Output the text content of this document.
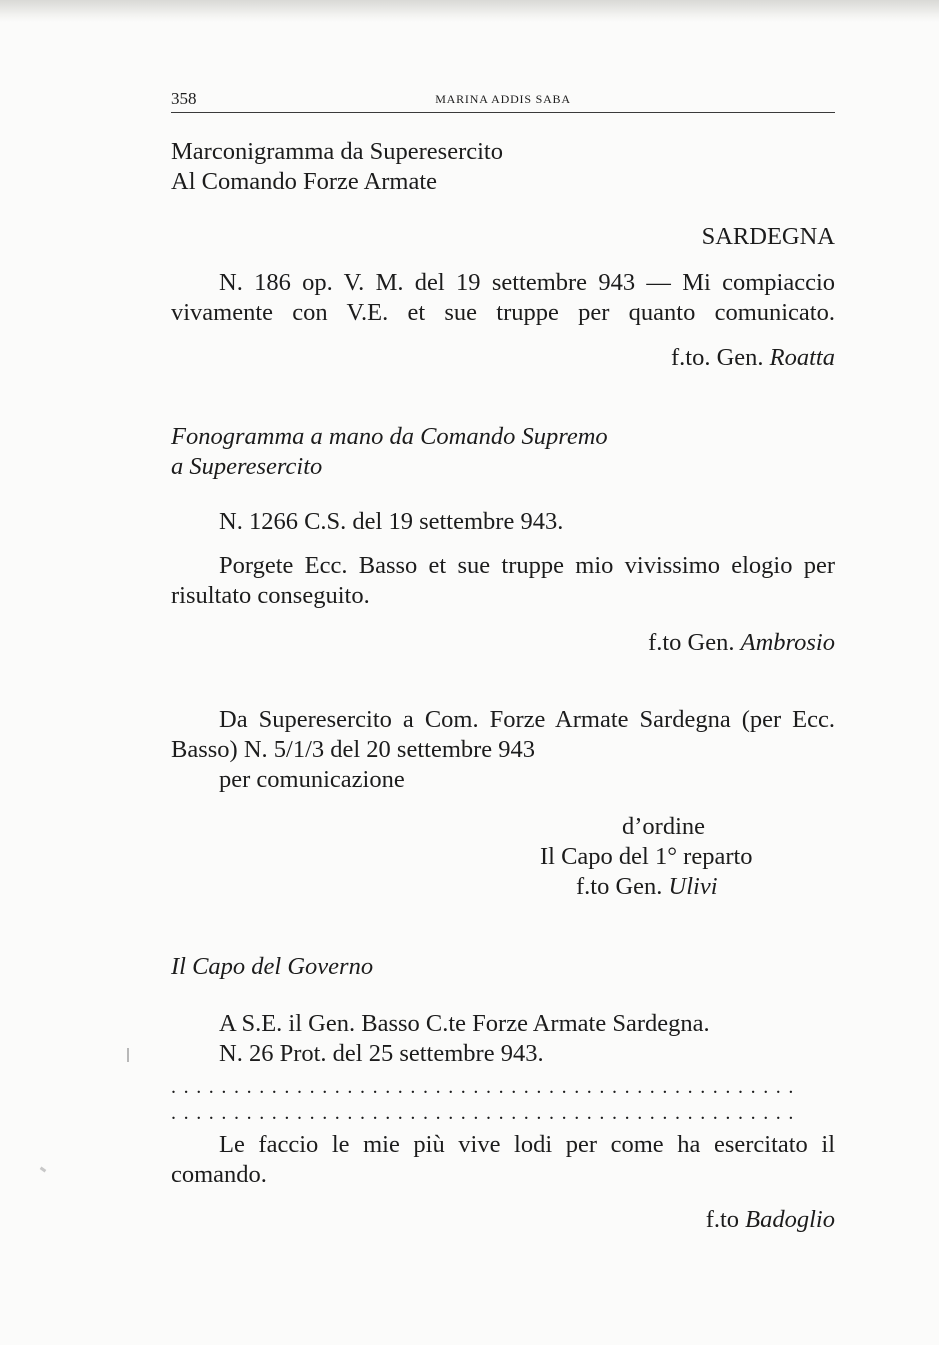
358	MARINA ADDIS SABA
Marconigramma da Superesercito
Al Comando Forze Armate
SARDEGNA
N. 186 op. V. M. del 19 settembre 943 — Mi compiaccio
vivamente con V.E. et sue truppe per quanto comunicato.
f.to. Gen. Roatta
Fonogramma a mano da Comando Supremo
a Superesercito
N. 1266 C.S. del 19 settembre 943.
Porgete Ecc. Basso et sue truppe mio vivissimo elogio per
risultato conseguito.
f.to Gen. Ambrosio
Da Superesercito a Com. Forze Armate Sardegna (per Ecc.
Basso) N. 5/1/3 del 20 settembre 943
per comunicazione
d’ordine
Il Capo del 1° reparto
f.to Gen. Ulivi
Il Capo del Governo
A S.E. il Gen. Basso C.te Forze Armate Sardegna.
N. 26 Prot. del 25 settembre 943.
..................................................
..................................................
Le faccio le mie più vive lodi per come ha esercitato il
comando.
f.to Badoglio
